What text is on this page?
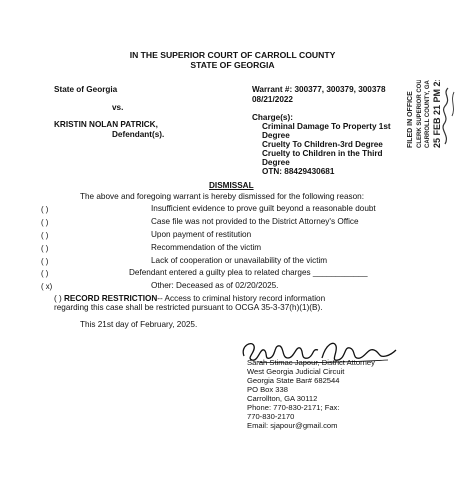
IN THE SUPERIOR COURT OF CARROLL COUNTY
STATE OF GEORGIA
State of Georgia
vs.
KRISTIN NOLAN PATRICK,
Defendant(s).
Warrant #: 300377, 300379, 300378
08/21/2022
Charge(s):
Criminal Damage To Property 1st
Degree
Cruelty To Children-3rd Degree
Cruelty to Children in the Third
Degree
OTN: 88429430681
FILED IN OFFICE CLERK SUPERIOR COURT CARROLL COUNTY, GA 25 FEB 21 PM 2:50
DISMISSAL
The above and foregoing warrant is hereby dismissed for the following reason:
( )	Insufficient evidence to prove guilt beyond a reasonable doubt
( )	Case file was not provided to the District Attorney's Office
( )	Upon payment of restitution
( )	Recommendation of the victim
( )	Lack of cooperation or unavailability of the victim
( )	Defendant entered a guilty plea to related charges ____________
( x)	Other: Deceased as of 02/20/2025.
( ) RECORD RESTRICTION-- Access to criminal history record information
regarding this case shall be restricted pursuant to OCGA 35-3-37(h)(1)(B).
This 21st day of February, 2025.
Sarah Stimac Japour, District Attorney
West Georgia Judicial Circuit
Georgia State Bar# 682544
PO Box 338
Carrollton, GA 30112
Phone: 770-830-2171; Fax:
770-830-2170
Email: sjapour@gmail.com
